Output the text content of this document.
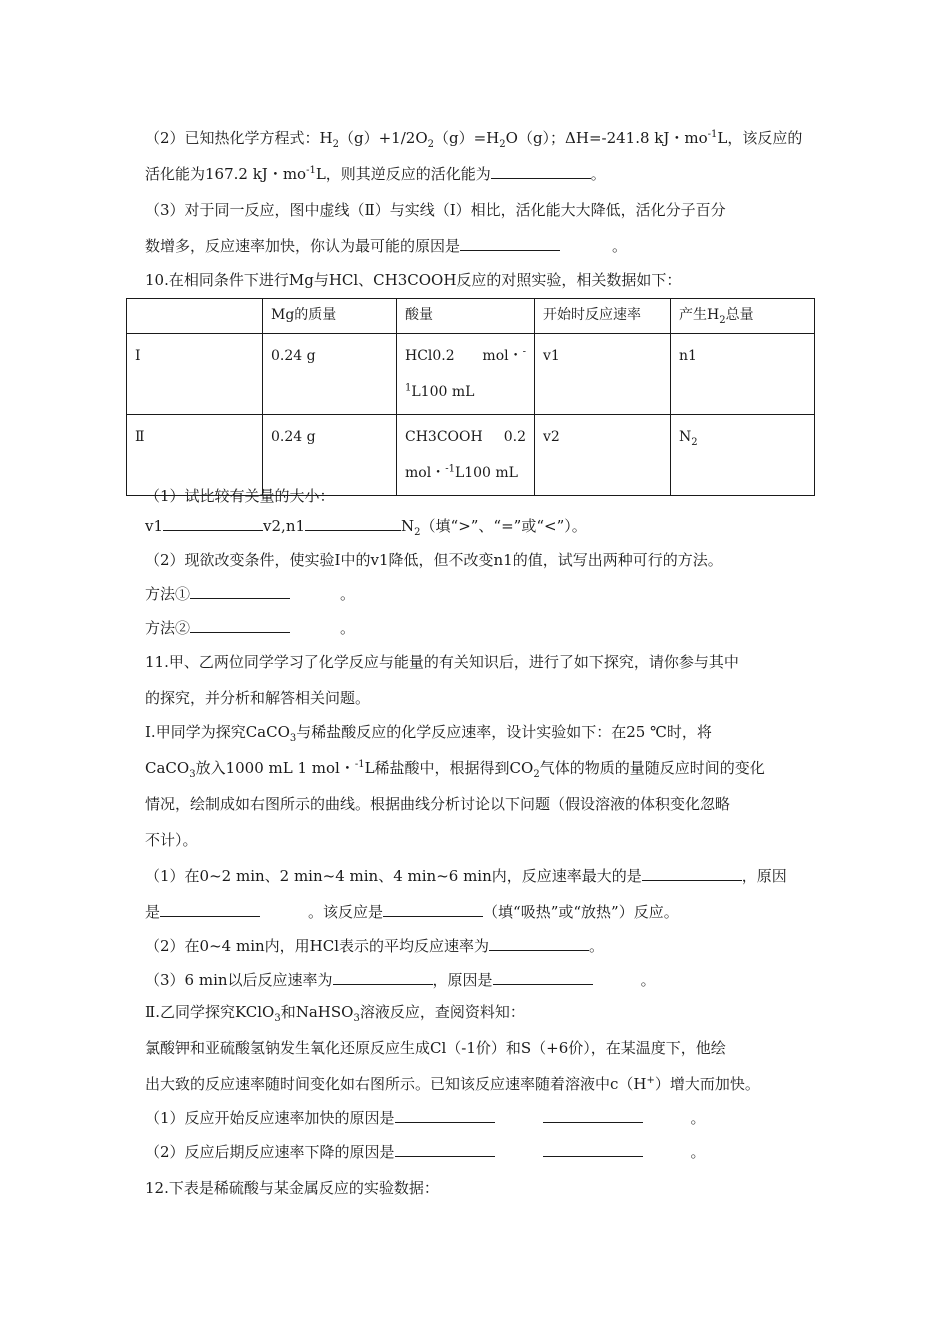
（2）已知热化学方程式：$H_2(g)+1/2O_2(g)=H_2O(g)$；ΔH=-241.8 kJ・$mo^{-1}L$，该反应的
活化能为167.2 kJ・$mo^{-1}L$，则其逆反应的活化能为	。
（3）对于同一反应，图中虚线（Ⅱ）与实线（Ⅰ）相比，活化能大大降低，活化分子百分
数增多，反应速率加快，你认为最可能的原因是	。
10.在相同条件下进行Mg与HCl、CH3COOH反应的对照实验，相关数据如下：
	Mg的质量	酸量	开始时反应速率	产生$H_2$总量
Ⅰ	0.24 g	HCl0.2 mol・-
$^1$L100 mL	v1	n1
Ⅱ	0.24 g	CH3COOH 0.2
mol・$^{-1}$L100 mL	v2	$N_2$
（1）试比较有关量的大小：
v1	v2,n1	$N_2$（填“>”、“=”或“<”）。
（2）现欲改变条件，使实验Ⅰ中的v1降低，但不改变n1的值，试写出两种可行的方法。
方法①	。
方法②	。
11.甲、乙两位同学学习了化学反应与能量的有关知识后，进行了如下探究，请你参与其中
的探究，并分析和解答相关问题。
Ⅰ.甲同学为探究CaCO$_3$与稀盐酸反应的化学反应速率，设计实验如下：在25 ℃时，将
CaCO$_3$放入1000 mL 1 mol・$^{-1}$L稀盐酸中，根据得到$CO_2$气体的物质的量随反应时间的变化
情况，绘制成如右图所示的曲线。根据曲线分析讨论以下问题（假设溶液的体积变化忽略
不计）。
（1）在0~2 min、2 min~4 min、4 min~6 min内，反应速率最大的是	，原因
是	。该反应是	（填“吸热”或“放热”）反应。
（2）在0~4 min内，用HCl表示的平均反应速率为	。
（3）6 min以后反应速率为	，原因是	。
Ⅱ.乙同学探究KClO$_3$和NaHSO$_3$溶液反应，查阅资料知：
氯酸钾和亚硫酸氢钠发生氧化还原反应生成Cl（-1价）和S（+6价），在某温度下，他绘
出大致的反应速率随时间变化如右图所示。已知该反应速率随着溶液中c（H+）增大而加快。
（1）反应开始反应速率加快的原因是	。
（2）反应后期反应速率下降的原因是	。
12.下表是稀硫酸与某金属反应的实验数据：
